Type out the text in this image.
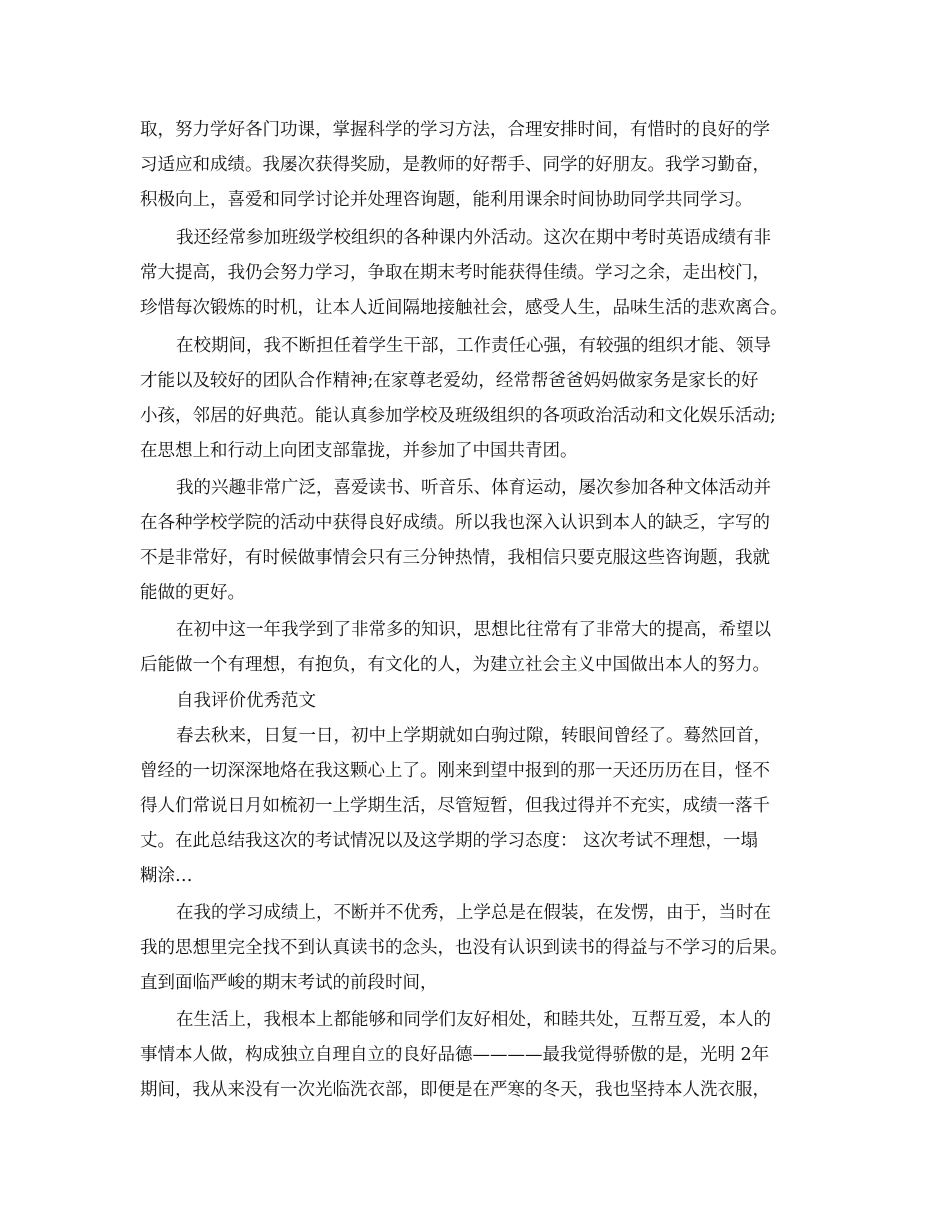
取，努力学好各门功课，掌握科学的学习方法，合理安排时间，有惜时的良好的学
习适应和成绩。我屡次获得奖励，是教师的好帮手、同学的好朋友。我学习勤奋，
积极向上，喜爱和同学讨论并处理咨询题，能利用课余时间协助同学共同学习。
我还经常参加班级学校组织的各种课内外活动。这次在期中考时英语成绩有非
常大提高，我仍会努力学习，争取在期末考时能获得佳绩。学习之余，走出校门，
珍惜每次锻炼的时机，让本人近间隔地接触社会，感受人生，品味生活的悲欢离合。
在校期间，我不断担任着学生干部，工作责任心强，有较强的组织才能、领导
才能以及较好的团队合作精神;在家尊老爱幼，经常帮爸爸妈妈做家务是家长的好
小孩，邻居的好典范。能认真参加学校及班级组织的各项政治活动和文化娱乐活动;
在思想上和行动上向团支部靠拢，并参加了中国共青团。
我的兴趣非常广泛，喜爱读书、听音乐、体育运动，屡次参加各种文体活动并
在各种学校学院的活动中获得良好成绩。所以我也深入认识到本人的缺乏，字写的
不是非常好，有时候做事情会只有三分钟热情，我相信只要克服这些咨询题，我就
能做的更好。
在初中这一年我学到了非常多的知识，思想比往常有了非常大的提高，希望以
后能做一个有理想，有抱负，有文化的人，为建立社会主义中国做出本人的努力。
自我评价优秀范文
春去秋来，日复一日，初中上学期就如白驹过隙，转眼间曾经了。蓦然回首，
曾经的一切深深地烙在我这颗心上了。刚来到望中报到的那一天还历历在目，怪不
得人们常说日月如梳初一上学期生活，尽管短暂，但我过得并不充实，成绩一落千
丈。在此总结我这次的考试情况以及这学期的学习态度： 这次考试不理想，一塌
糊涂…
在我的学习成绩上，不断并不优秀，上学总是在假装，在发愣，由于，当时在
我的思想里完全找不到认真读书的念头，也没有认识到读书的得益与不学习的后果。
直到面临严峻的期末考试的前段时间，
在生活上，我根本上都能够和同学们友好相处，和睦共处，互帮互爱，本人的
事情本人做，构成独立自理自立的良好品德————最我觉得骄傲的是，光明 2年
期间，我从来没有一次光临洗衣部，即便是在严寒的冬天，我也坚持本人洗衣服，
